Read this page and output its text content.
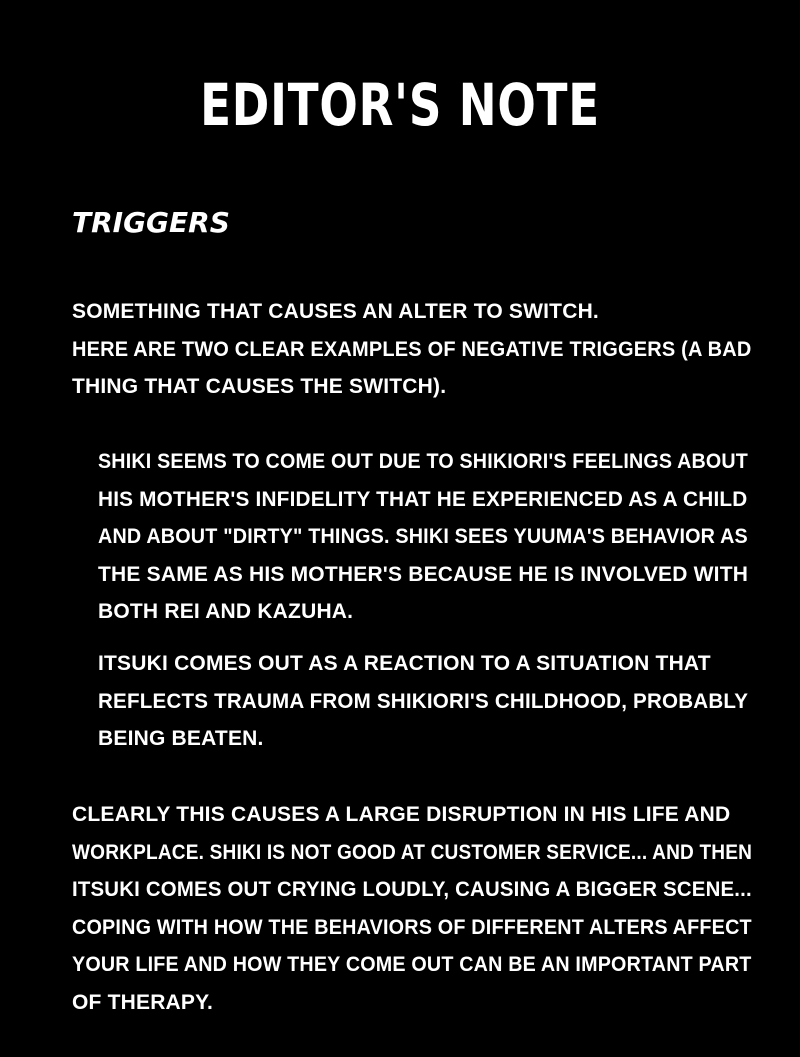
EDITOR'S NOTE
TRIGGERS
SOMETHING THAT CAUSES AN ALTER TO SWITCH.
HERE ARE TWO CLEAR EXAMPLES OF NEGATIVE TRIGGERS (A BAD
THING THAT CAUSES THE SWITCH).
SHIKI SEEMS TO COME OUT DUE TO SHIKIORI'S FEELINGS ABOUT
HIS MOTHER'S INFIDELITY THAT HE EXPERIENCED AS A CHILD
AND ABOUT "DIRTY" THINGS. SHIKI SEES YUUMA'S BEHAVIOR AS
THE SAME AS HIS MOTHER'S BECAUSE HE IS INVOLVED WITH
BOTH REI AND KAZUHA.
ITSUKI COMES OUT AS A REACTION TO A SITUATION THAT
REFLECTS TRAUMA FROM SHIKIORI'S CHILDHOOD, PROBABLY
BEING BEATEN.
CLEARLY THIS CAUSES A LARGE DISRUPTION IN HIS LIFE AND
WORKPLACE. SHIKI IS NOT GOOD AT CUSTOMER SERVICE... AND THEN
ITSUKI COMES OUT CRYING LOUDLY, CAUSING A BIGGER SCENE...
COPING WITH HOW THE BEHAVIORS OF DIFFERENT ALTERS AFFECT
YOUR LIFE AND HOW THEY COME OUT CAN BE AN IMPORTANT PART
OF THERAPY.
